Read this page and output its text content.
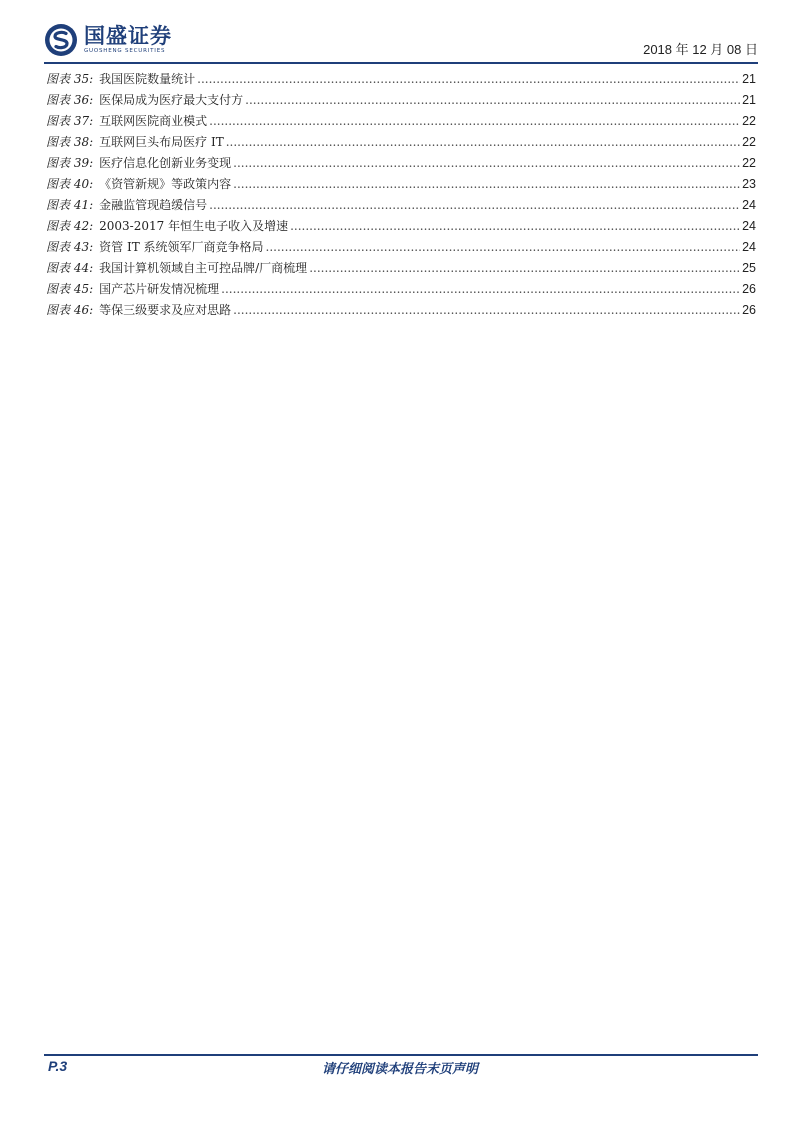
国盛证券
GUOSHENG SECURITIES	2018 年 12 月 08 日
图表 35: 我国医院数量统计 .....	21
图表 36: 医保局成为医疗最大支付方 .....	21
图表 37: 互联网医院商业模式 .....	22
图表 38: 互联网巨头布局医疗 IT .....	22
图表 39: 医疗信息化创新业务变现 .....	22
图表 40: 《资管新规》等政策内容 .....	23
图表 41: 金融监管现趋缓信号 .....	24
图表 42: 2003-2017 年恒生电子收入及增速 .....	24
图表 43: 资管 IT 系统领军厂商竞争格局 .....	24
图表 44: 我国计算机领域自主可控品牌/厂商梳理 .....	25
图表 45: 国产芯片研发情况梳理 .....	26
图表 46: 等保三级要求及应对思路 .....	26
P.3	请仔细阅读本报告末页声明
